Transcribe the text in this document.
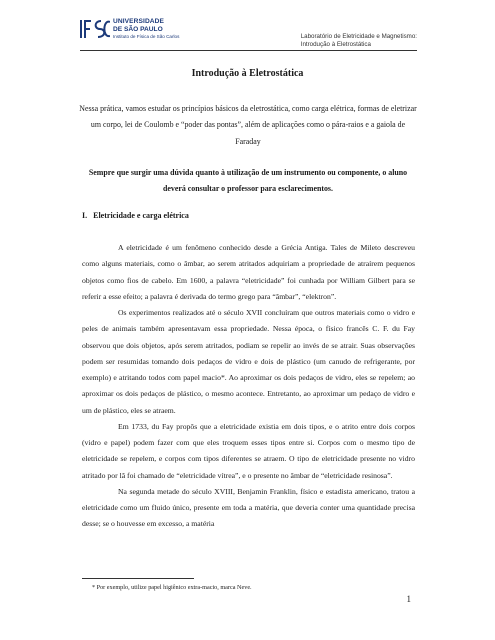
UNIVERSIDADE
DE SÃO PAULO
Instituto de Física de São Carlos	Laboratório de Eletricidade e Magnetismo:
Introdução à Eletrostática
Introdução à Eletrostática
Nessa prática, vamos estudar os princípios básicos da eletrostática, como carga elétrica, formas de eletrizar um corpo, lei de Coulomb e “poder das pontas”, além de aplicações como o pára-raios e a gaiola de Faraday
Sempre que surgir uma dúvida quanto à utilização de um instrumento ou componente, o aluno deverá consultar o professor para esclarecimentos.
I. Eletricidade e carga elétrica

A eletricidade é um fenômeno conhecido desde a Grécia Antiga. Tales de Mileto descreveu como alguns materiais, como o âmbar, ao serem atritados adquiriam a propriedade de atraírem pequenos objetos como fios de cabelo. Em 1600, a palavra “eletricidade” foi cunhada por William Gilbert para se referir a esse efeito; a palavra é derivada do termo grego para “âmbar”, “elektron”.

Os experimentos realizados até o século XVII concluíram que outros materiais como o vidro e peles de animais também apresentavam essa propriedade. Nessa época, o físico francês C. F. du Fay observou que dois objetos, após serem atritados, podiam se repelir ao invés de se atrair. Suas observações podem ser resumidas tomando dois pedaços de vidro e dois de plástico (um canudo de refrigerante, por exemplo) e atritando todos com papel macio*. Ao aproximar os dois pedaços de vidro, eles se repelem; ao aproximar os dois pedaços de plástico, o mesmo acontece. Entretanto, ao aproximar um pedaço de vidro e um de plástico, eles se atraem.

Em 1733, du Fay propôs que a eletricidade existia em dois tipos, e o atrito entre dois corpos (vidro e papel) podem fazer com que eles troquem esses tipos entre si. Corpos com o mesmo tipo de eletricidade se repelem, e corpos com tipos diferentes se atraem. O tipo de eletricidade presente no vidro atritado por lã foi chamado de “eletricidade vítrea”, e o presente no âmbar de “eletricidade resinosa”.

Na segunda metade do século XVIII, Benjamin Franklin, físico e estadista americano, tratou a eletricidade como um fluido único, presente em toda a matéria, que deveria conter uma quantidade precisa desse; se o houvesse em excesso, a matéria

* Por exemplo, utilize papel higiênico extra-macio, marca Neve.
1
